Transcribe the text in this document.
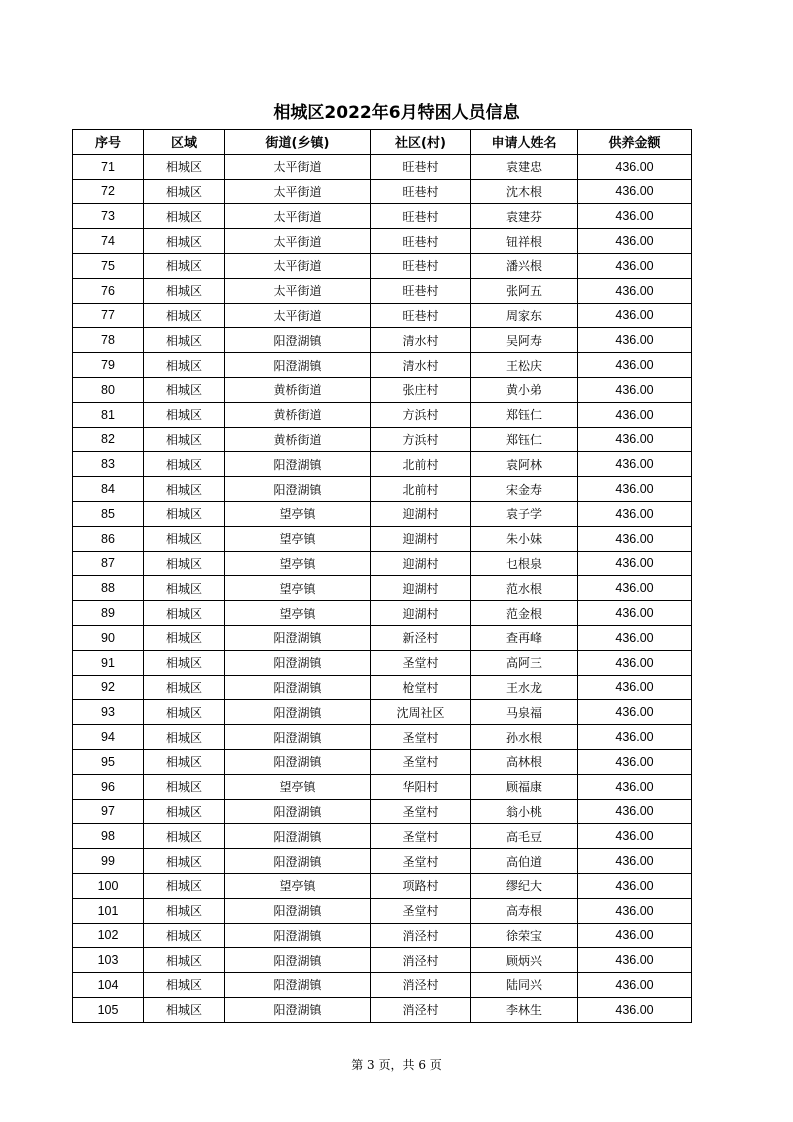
相城区2022年6月特困人员信息
序号	区域	街道(乡镇)	社区(村)	申请人姓名	供养金额
71	相城区	太平街道	旺巷村	袁建忠	436.00
72	相城区	太平街道	旺巷村	沈木根	436.00
73	相城区	太平街道	旺巷村	袁建芬	436.00
74	相城区	太平街道	旺巷村	钮祥根	436.00
75	相城区	太平街道	旺巷村	潘兴根	436.00
76	相城区	太平街道	旺巷村	张阿五	436.00
77	相城区	太平街道	旺巷村	周家东	436.00
78	相城区	阳澄湖镇	清水村	吴阿寿	436.00
79	相城区	阳澄湖镇	清水村	王松庆	436.00
80	相城区	黄桥街道	张庄村	黄小弟	436.00
81	相城区	黄桥街道	方浜村	郑钰仁	436.00
82	相城区	黄桥街道	方浜村	郑钰仁	436.00
83	相城区	阳澄湖镇	北前村	袁阿林	436.00
84	相城区	阳澄湖镇	北前村	宋金寿	436.00
85	相城区	望亭镇	迎湖村	袁子学	436.00
86	相城区	望亭镇	迎湖村	朱小妹	436.00
87	相城区	望亭镇	迎湖村	乜根泉	436.00
88	相城区	望亭镇	迎湖村	范水根	436.00
89	相城区	望亭镇	迎湖村	范金根	436.00
90	相城区	阳澄湖镇	新泾村	查再峰	436.00
91	相城区	阳澄湖镇	圣堂村	高阿三	436.00
92	相城区	阳澄湖镇	枪堂村	王水龙	436.00
93	相城区	阳澄湖镇	沈周社区	马泉福	436.00
94	相城区	阳澄湖镇	圣堂村	孙水根	436.00
95	相城区	阳澄湖镇	圣堂村	高林根	436.00
96	相城区	望亭镇	华阳村	顾福康	436.00
97	相城区	阳澄湖镇	圣堂村	翁小桃	436.00
98	相城区	阳澄湖镇	圣堂村	高毛豆	436.00
99	相城区	阳澄湖镇	圣堂村	高伯道	436.00
100	相城区	望亭镇	项路村	缪纪大	436.00
101	相城区	阳澄湖镇	圣堂村	高寿根	436.00
102	相城区	阳澄湖镇	消泾村	徐荣宝	436.00
103	相城区	阳澄湖镇	消泾村	顾炳兴	436.00
104	相城区	阳澄湖镇	消泾村	陆同兴	436.00
105	相城区	阳澄湖镇	消泾村	李林生	436.00
第 3 页，共 6 页
